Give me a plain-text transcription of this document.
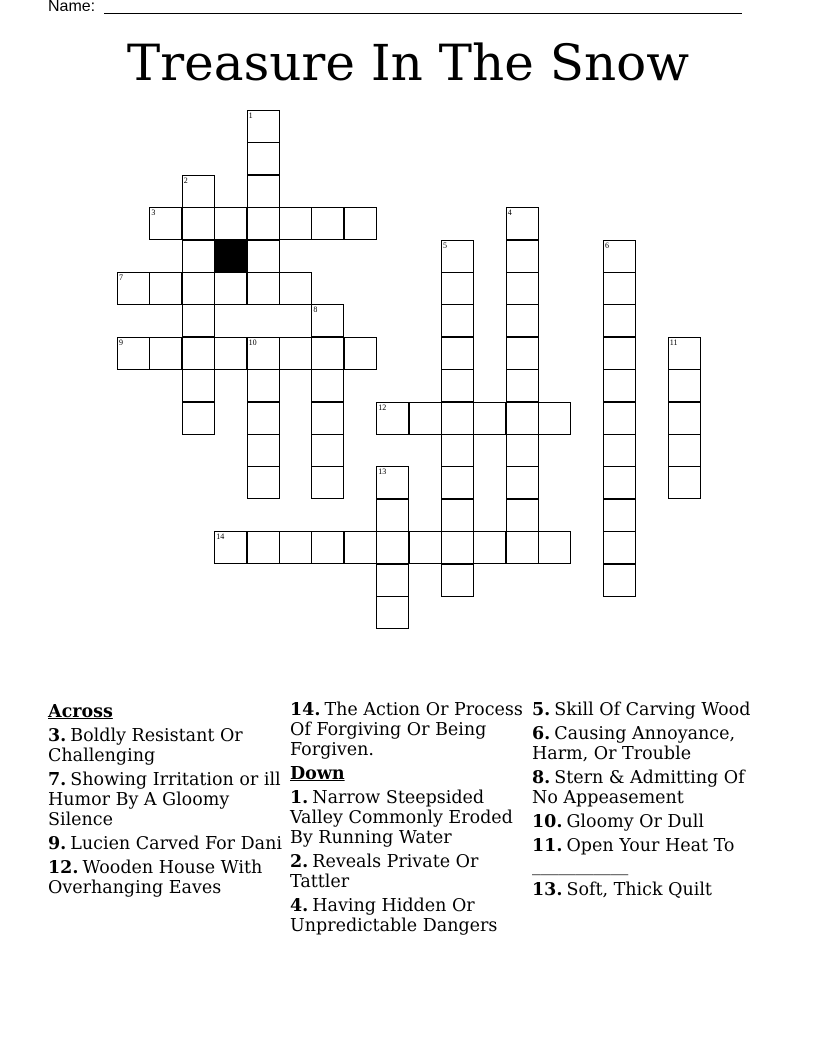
Name:
Treasure In The Snow
1
2
3	4
5	6
7
8
9	10	11
12
13
14
Across
3. Boldly Resistant Or Challenging
7. Showing Irritation or ill Humor By A Gloomy Silence
9. Lucien Carved For Dani
12. Wooden House With Overhanging Eaves
14. The Action Or Process Of Forgiving Or Being Forgiven.
Down
1. Narrow Steepsided Valley Commonly Eroded By Running Water
2. Reveals Private Or Tattler
4. Having Hidden Or Unpredictable Dangers
5. Skill Of Carving Wood
6. Causing Annoyance, Harm, Or Trouble
8. Stern & Admitting Of No Appeasement
10. Gloomy Or Dull
11. Open Your Heat To ___________
13. Soft, Thick Quilt
